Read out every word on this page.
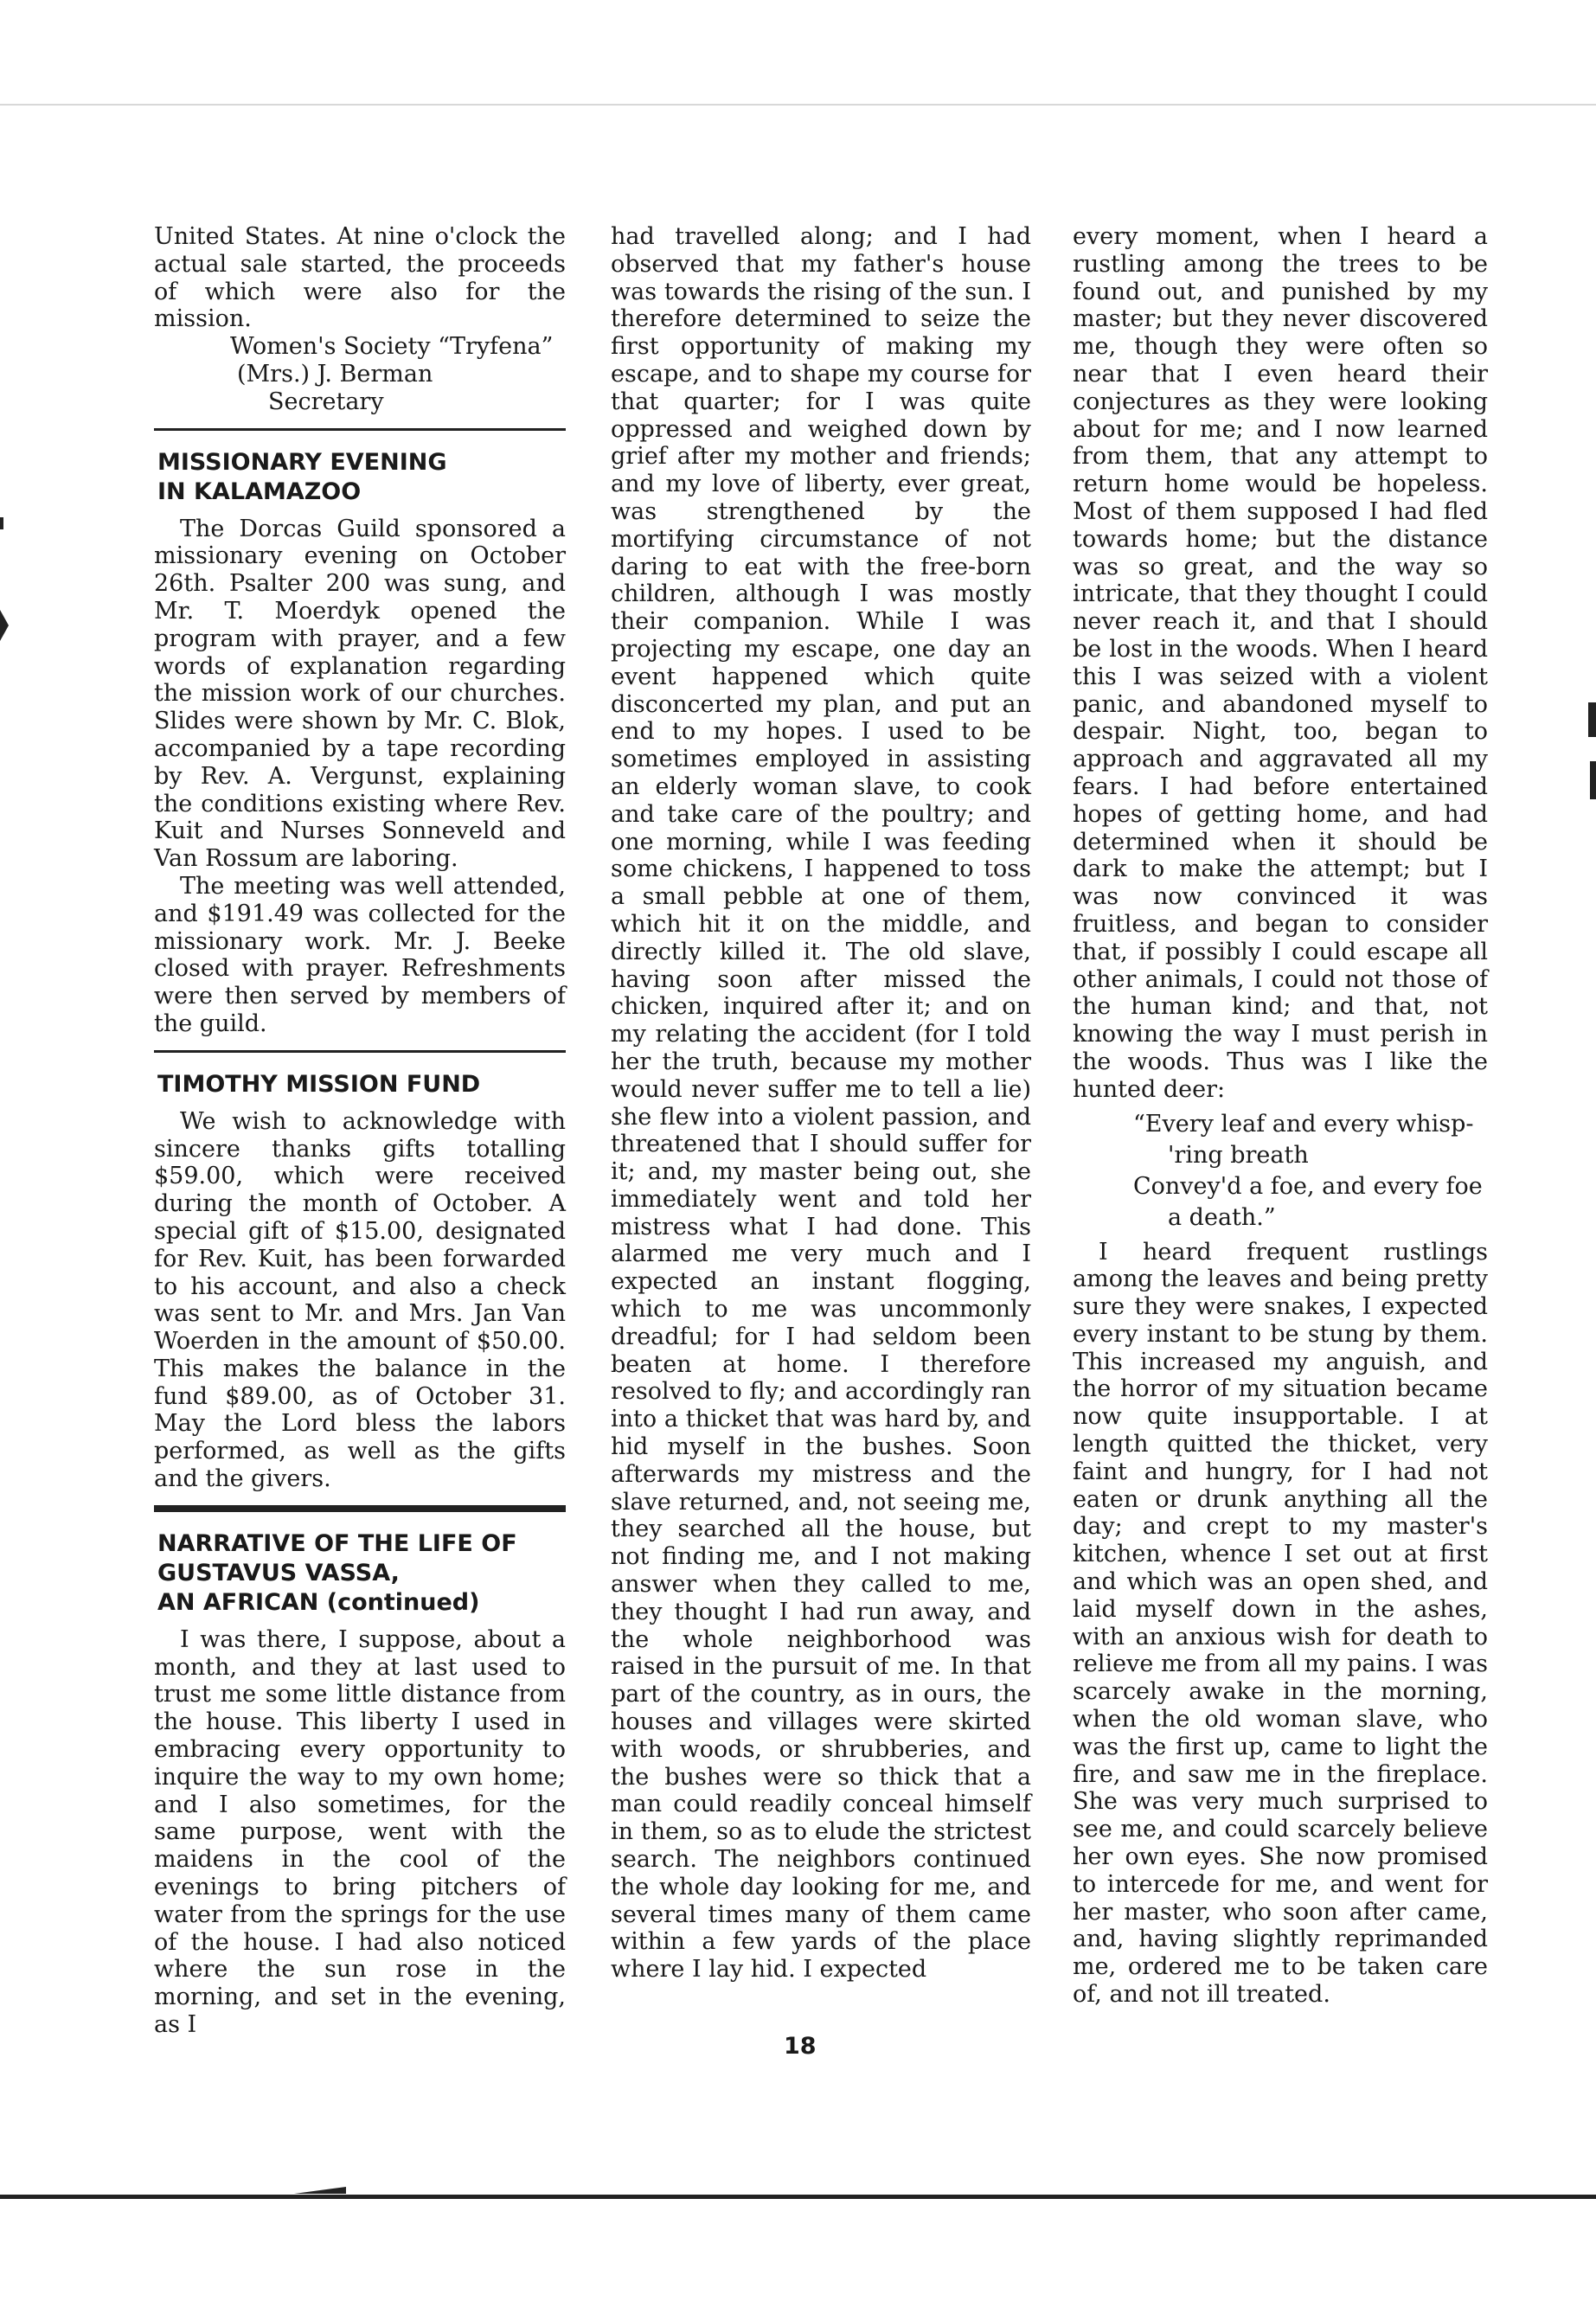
United States. At nine o'clock the actual sale started, the proceeds of which were also for the mission.

Women's Society “Tryfena”
(Mrs.) J. Berman
Secretary
MISSIONARY EVENING
IN KALAMAZOO

The Dorcas Guild sponsored a missionary evening on October 26th. Psalter 200 was sung, and Mr. T. Moerdyk opened the program with prayer, and a few words of explanation regarding the mission work of our churches. Slides were shown by Mr. C. Blok, accompanied by a tape recording by Rev. A. Vergunst, explaining the conditions existing where Rev. Kuit and Nurses Sonneveld and Van Rossum are laboring.

The meeting was well attended, and $191.49 was collected for the missionary work. Mr. J. Beeke closed with prayer. Refreshments were then served by members of the guild.

TIMOTHY MISSION FUND

We wish to acknowledge with sincere thanks gifts totalling $59.00, which were received during the month of October. A special gift of $15.00, designated for Rev. Kuit, has been forwarded to his account, and also a check was sent to Mr. and Mrs. Jan Van Woerden in the amount of $50.00. This makes the balance in the fund $89.00, as of October 31. May the Lord bless the labors performed, as well as the gifts and the givers.

NARRATIVE OF THE LIFE OF
GUSTAVUS VASSA,
AN AFRICAN (continued)

I was there, I suppose, about a month, and they at last used to trust me some little distance from the house. This liberty I used in embracing every opportunity to inquire the way to my own home; and I also sometimes, for the same purpose, went with the maidens in the cool of the evenings to bring pitchers of water from the springs for the use of the house. I had also noticed where the sun rose in the morning, and set in the evening, as I

had travelled along; and I had observed that my father's house was towards the rising of the sun. I therefore determined to seize the first opportunity of making my escape, and to shape my course for that quarter; for I was quite oppressed and weighed down by grief after my mother and friends; and my love of liberty, ever great, was strengthened by the mortifying circumstance of not daring to eat with the free-born children, although I was mostly their companion. While I was projecting my escape, one day an event happened which quite disconcerted my plan, and put an end to my hopes. I used to be sometimes employed in assisting an elderly woman slave, to cook and take care of the poultry; and one morning, while I was feeding some chickens, I happened to toss a small pebble at one of them, which hit it on the middle, and directly killed it. The old slave, having soon after missed the chicken, inquired after it; and on my relating the accident (for I told her the truth, because my mother would never suffer me to tell a lie) she flew into a violent passion, and threatened that I should suffer for it; and, my master being out, she immediately went and told her mistress what I had done. This alarmed me very much and I expected an instant flogging, which to me was uncommonly dreadful; for I had seldom been beaten at home. I therefore resolved to fly; and accordingly ran into a thicket that was hard by, and hid myself in the bushes. Soon afterwards my mistress and the slave returned, and, not seeing me, they searched all the house, but not finding me, and I not making answer when they called to me, they thought I had run away, and the whole neighborhood was raised in the pursuit of me. In that part of the country, as in ours, the houses and villages were skirted with woods, or shrubberies, and the bushes were so thick that a man could readily conceal himself in them, so as to elude the strictest search. The neighbors continued the whole day looking for me, and several times many of them came within a few yards of the place where I lay hid. I expected

every moment, when I heard a rustling among the trees to be found out, and punished by my master; but they never discovered me, though they were often so near that I even heard their conjectures as they were looking about for me; and I now learned from them, that any attempt to return home would be hopeless. Most of them supposed I had fled towards home; but the distance was so great, and the way so intricate, that they thought I could never reach it, and that I should be lost in the woods. When I heard this I was seized with a violent panic, and abandoned myself to despair. Night, too, began to approach and aggravated all my fears. I had before entertained hopes of getting home, and had determined when it should be dark to make the attempt; but I was now convinced it was fruitless, and began to consider that, if possibly I could escape all other animals, I could not those of the human kind; and that, not knowing the way I must perish in the woods. Thus was I like the hunted deer:

“Every leaf and every whisp-
'ring breath
Convey'd a foe, and every foe
a death.”

I heard frequent rustlings among the leaves and being pretty sure they were snakes, I expected every instant to be stung by them. This increased my anguish, and the horror of my situation became now quite insupportable. I at length quitted the thicket, very faint and hungry, for I had not eaten or drunk anything all the day; and crept to my master's kitchen, whence I set out at first and which was an open shed, and laid myself down in the ashes, with an anxious wish for death to relieve me from all my pains. I was scarcely awake in the morning, when the old woman slave, who was the first up, came to light the fire, and saw me in the fireplace. She was very much surprised to see me, and could scarcely believe her own eyes. She now promised to intercede for me, and went for her master, who soon after came, and, having slightly reprimanded me, ordered me to be taken care of, and not ill treated.

18
